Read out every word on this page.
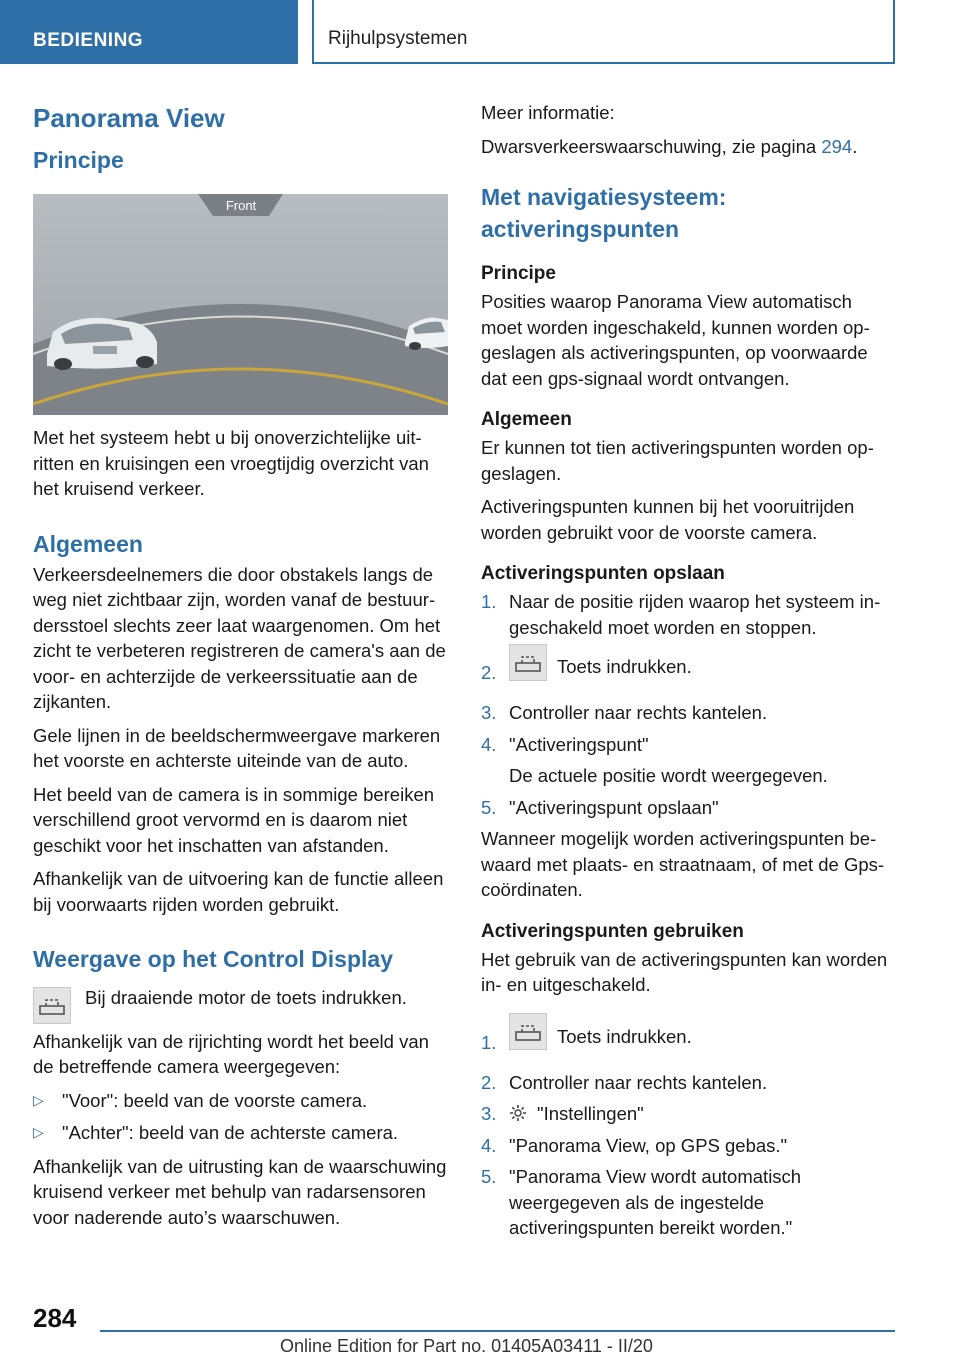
BEDIENING	Rijhulpsystemen
Panorama View
Principe
Front

Met het systeem hebt u bij onoverzichtelijke uitritten en kruisingen een vroegtijdig overzicht van het kruisend verkeer.

Algemeen

Verkeersdeelnemers die door obstakels langs de weg niet zichtbaar zijn, worden vanaf de bestuurdersstoel slechts zeer laat waargenomen. Om het zicht te verbeteren registreren de camera's aan de voor- en achterzijde de verkeerssituatie aan de zijkanten.

Gele lijnen in de beeldschermweergave markeren het voorste en achterste uiteinde van de auto.

Het beeld van de camera is in sommige bereiken verschillend groot vervormd en is daarom niet geschikt voor het inschatten van afstanden.

Afhankelijk van de uitvoering kan de functie alleen bij voorwaarts rijden worden gebruikt.

Weergave op het Control Display
Bij draaiende motor de toets indrukken.

Afhankelijk van de rijrichting wordt het beeld van de betreffende camera weergegeven:

▷ "Voor": beeld van de voorste camera.
▷ "Achter": beeld van de achterste camera.

Afhankelijk van de uitrusting kan de waarschuwing kruisend verkeer met behulp van radarsensoren voor naderende auto’s waarschuwen.

Meer informatie:

Dwarsverkeerswaarschuwing, zie pagina 294.

Met navigatiesysteem: activeringspunten
Principe

Posities waarop Panorama View automatisch moet worden ingeschakeld, kunnen worden opgeslagen als activeringspunten, op voorwaarde dat een gps-signaal wordt ontvangen.

Algemeen

Er kunnen tot tien activeringspunten worden opgeslagen.

Activeringspunten kunnen bij het vooruitrijden worden gebruikt voor de voorste camera.

Activeringspunten opslaan
1. Naar de positie rijden waarop het systeem ingeschakeld moet worden en stoppen.
2.	Toets indrukken.
3. Controller naar rechts kantelen.
4. "Activeringspunt"
De actuele positie wordt weergegeven.
5. "Activeringspunt opslaan"

Wanneer mogelijk worden activeringspunten bewaard met plaats- en straatnaam, of met de Gps-coördinaten.

Activeringspunten gebruiken

Het gebruik van de activeringspunten kan worden in- en uitgeschakeld.

1.	Toets indrukken.
2. Controller naar rechts kantelen.
3. "Instellingen"
4. "Panorama View, op GPS gebas."
5. "Panorama View wordt automatisch weergegeven als de ingestelde activeringspunten bereikt worden."
284
Online Edition for Part no. 01405A03411 - II/20
